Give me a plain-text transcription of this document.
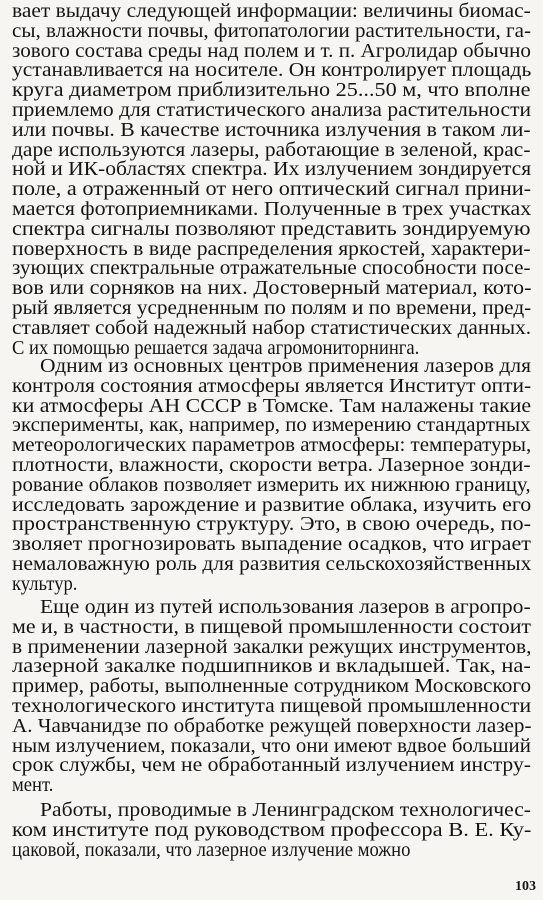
вает выдачу следующей информации: величины биомас-
сы, влажности почвы, фитопатологии растительности, га-
зового состава среды над полем и т. п. Агролидар обычно
устанавливается на носителе. Он контролирует площадь
круга диаметром приблизительно 25...50 м, что вполне
приемлемо для статистического анализа растительности
или почвы. В качестве источника излучения в таком ли-
даре используются лазеры, работающие в зеленой, крас-
ной и ИК-областях спектра. Их излучением зондируется
поле, а отраженный от него оптический сигнал прини-
мается фотоприемниками. Полученные в трех участках
спектра сигналы позволяют представить зондируемую
поверхность в виде распределения яркостей, характери-
зующих спектральные отражательные способности посе-
вов или сорняков на них. Достоверный материал, кото-
рый является усредненным по полям и по времени, пред-
ставляет собой надежный набор статистических данных.
С их помощью решается задача агромониторнинга.
Одним из основных центров применения лазеров для
контроля состояния атмосферы является Институт опти-
ки атмосферы АН СССР в Томске. Там налажены такие
эксперименты, как, например, по измерению стандартных
метеорологических параметров атмосферы: температуры,
плотности, влажности, скорости ветра. Лазерное зонди-
рование облаков позволяет измерить их нижнюю границу,
исследовать зарождение и развитие облака, изучить его
пространственную структуру. Это, в свою очередь, по-
зволяет прогнозировать выпадение осадков, что играет
немаловажную роль для развития сельскохозяйственных
культур.
Еще один из путей использования лазеров в агропро-
ме и, в частности, в пищевой промышленности состоит
в применении лазерной закалки режущих инструментов,
лазерной закалке подшипников и вкладышей. Так, на-
пример, работы, выполненные сотрудником Московского
технологического института пищевой промышленности
А. Чавчанидзе по обработке режущей поверхности лазер-
ным излучением, показали, что они имеют вдвое больший
срок службы, чем не обработанный излучением инстру-
мент.
Работы, проводимые в Ленинградском технологичес-
ком институте под руководством профессора В. Е. Ку-
цаковой, показали, что лазерное излучение можно
103
